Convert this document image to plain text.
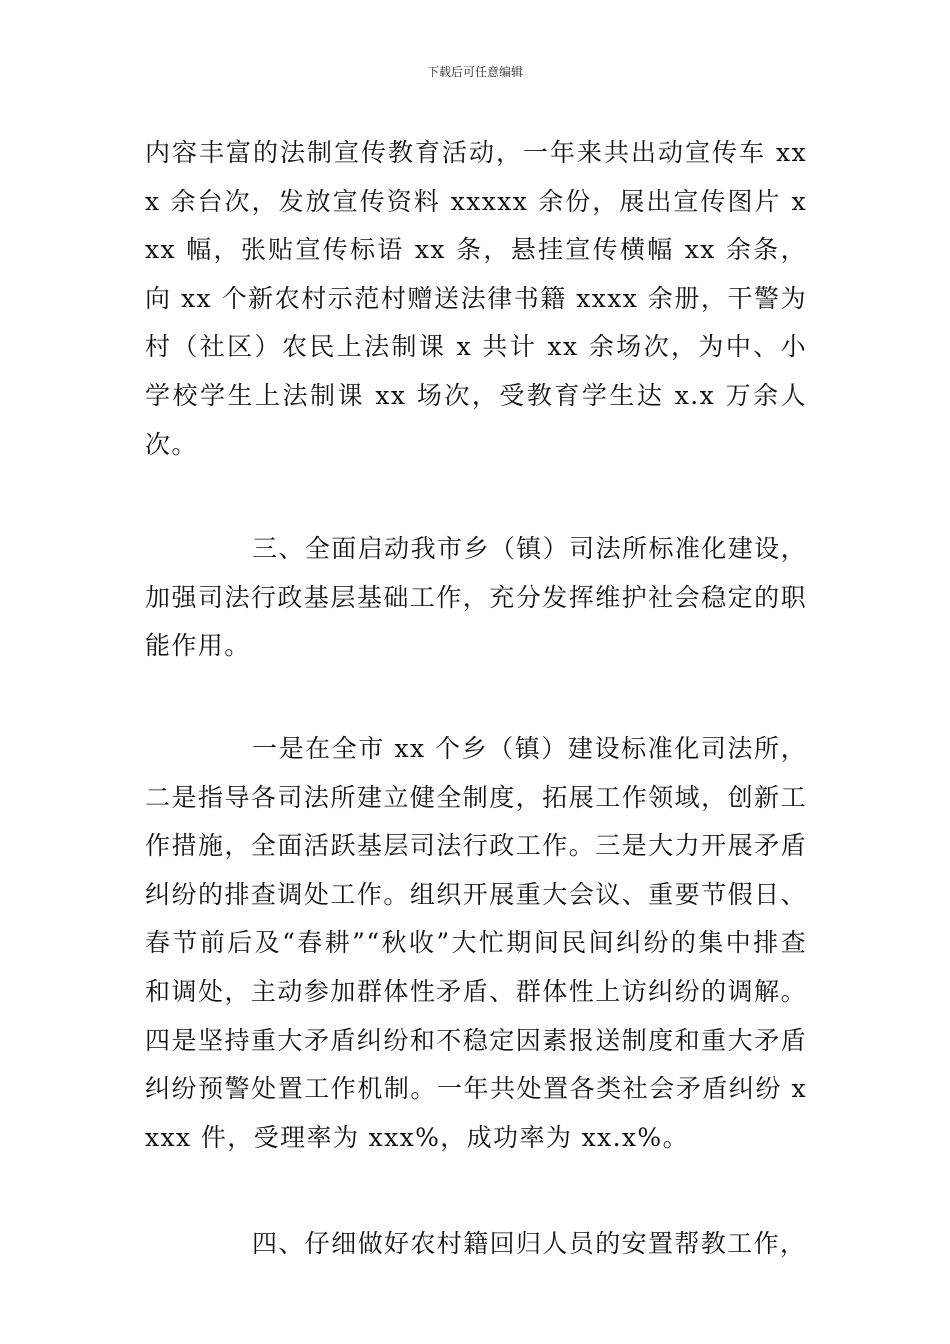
下载后可任意编辑

内容丰富的法制宣传教育活动，一年来共出动宣传车 xxx 余台次，发放宣传资料 xxxxx 余份，展出宣传图片 xxx 幅，张贴宣传标语 xx 条，悬挂宣传横幅 xx 余条，向 xx 个新农村示范村赠送法律书籍 xxxx 余册，干警为村（社区）农民上法制课 x 共计 xx 余场次，为中、小学校学生上法制课 xx 场次，受教育学生达 x.x 万余人次。

三、全面启动我市乡（镇）司法所标准化建设，加强司法行政基层基础工作，充分发挥维护社会稳定的职能作用。

一是在全市 xx 个乡（镇）建设标准化司法所，二是指导各司法所建立健全制度，拓展工作领域，创新工作措施，全面活跃基层司法行政工作。三是大力开展矛盾纠纷的排查调处工作。组织开展重大会议、重要节假日、春节前后及“春耕”“秋收”大忙期间民间纠纷的集中排查和调处，主动参加群体性矛盾、群体性上访纠纷的调解。四是坚持重大矛盾纠纷和不稳定因素报送制度和重大矛盾纠纷预警处置工作机制。一年共处置各类社会矛盾纠纷 xxxx 件，受理率为 xxx%，成功率为 xx.x%。

四、仔细做好农村籍回归人员的安置帮教工作，
